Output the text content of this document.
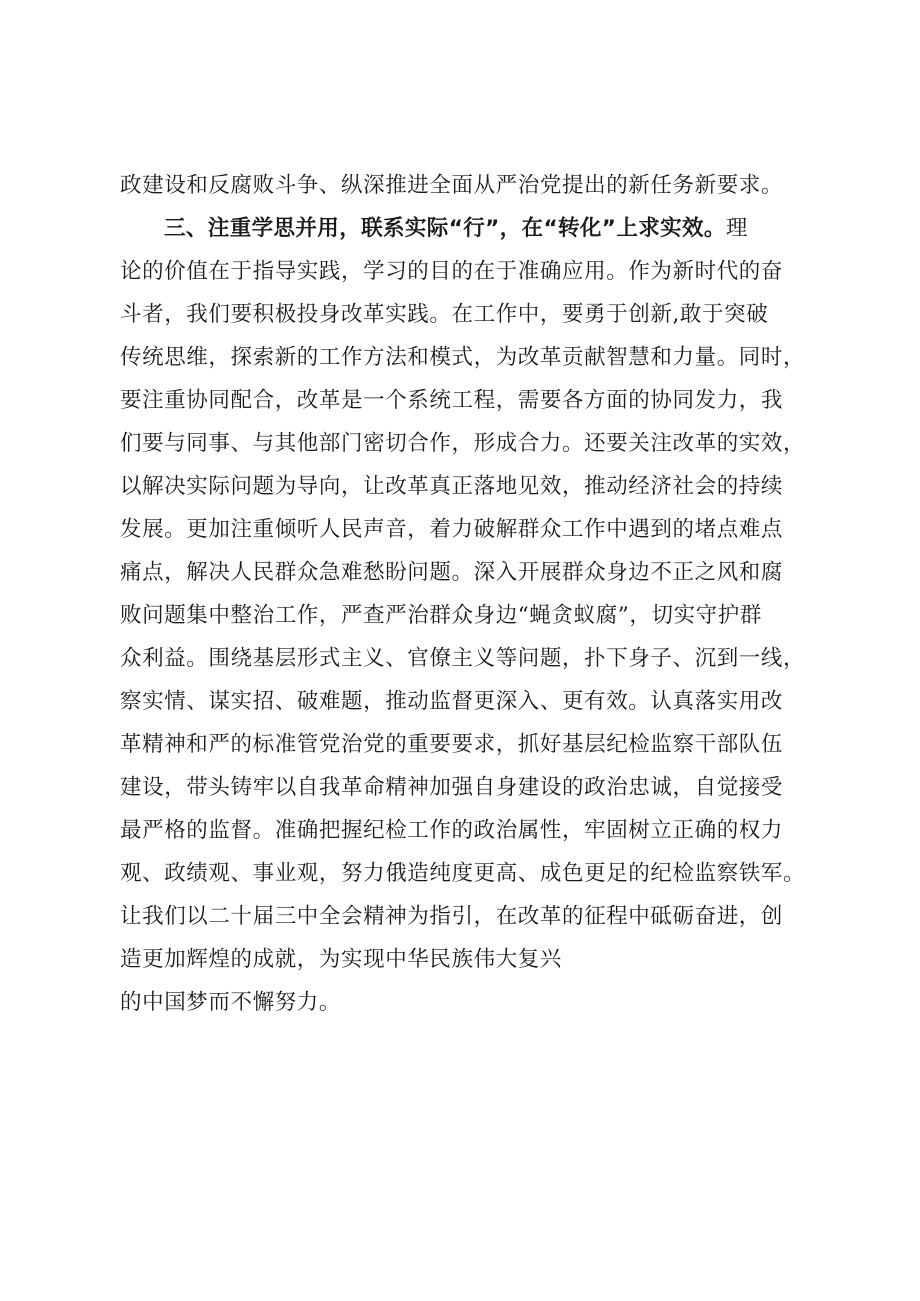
政建设和反腐败斗争、纵深推进全面从严治党提出的新任务新要求。
三、注重学思并用，联系实际“行”，在“转化”上求实效。理
论的价值在于指导实践，学习的目的在于准确应用。作为新时代的奋
斗者，我们要积极投身改革实践。在工作中，要勇于创新,敢于突破
传统思维，探索新的工作方法和模式，为改革贡献智慧和力量。同时，
要注重协同配合，改革是一个系统工程，需要各方面的协同发力，我
们要与同事、与其他部门密切合作，形成合力。还要关注改革的实效，
以解决实际问题为导向，让改革真正落地见效，推动经济社会的持续
发展。更加注重倾听人民声音，着力破解群众工作中遇到的堵点难点
痛点，解决人民群众急难愁盼问题。深入开展群众身边不正之风和腐
败问题集中整治工作，严查严治群众身边“蝇贪蚁腐”，切实守护群
众利益。围绕基层形式主义、官僚主义等问题，扑下身子、沉到一线，
察实情、谋实招、破难题，推动监督更深入、更有效。认真落实用改
革精神和严的标准管党治党的重要要求，抓好基层纪检监察干部队伍
建设，带头铸牢以自我革命精神加强自身建设的政治忠诚，自觉接受
最严格的监督。准确把握纪检工作的政治属性，牢固树立正确的权力
观、政绩观、事业观，努力俄造纯度更高、成色更足的纪检监察铁军。
让我们以二十届三中全会精神为指引，在改革的征程中砥砺奋进，创
造更加辉煌的成就，为实现中华民族伟大复兴
的中国梦而不懈努力。
